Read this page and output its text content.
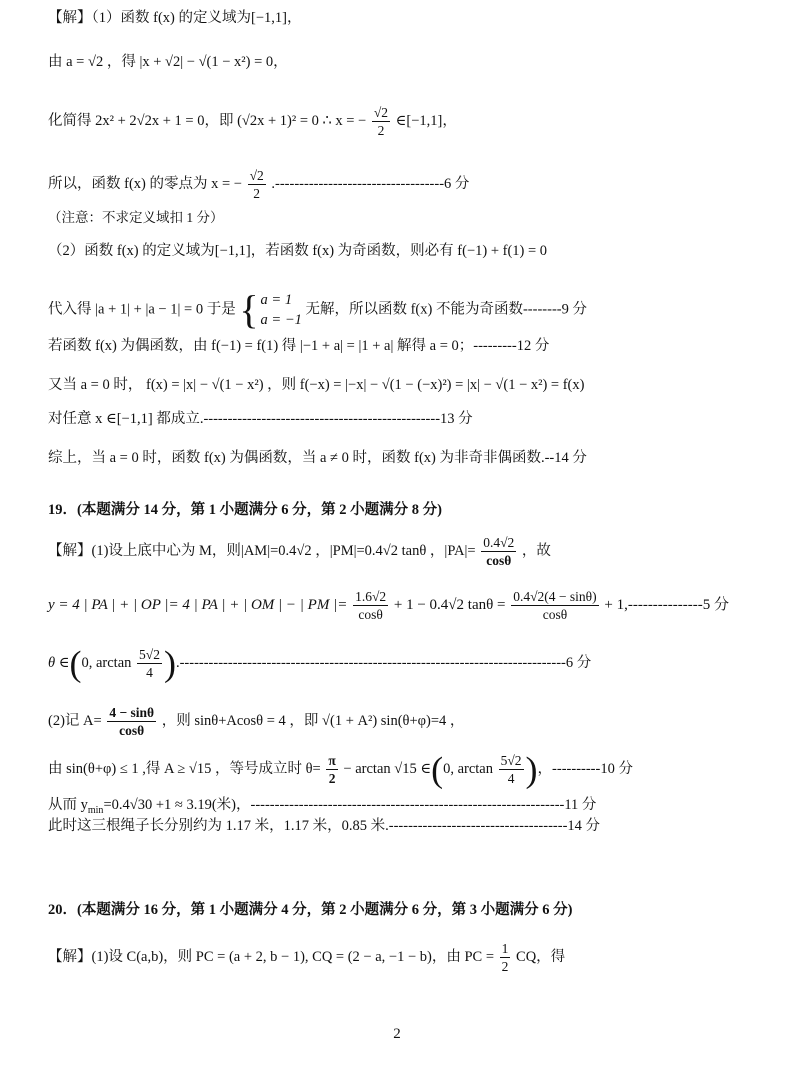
【解】（1）函数 f(x) 的定义域为[−1,1]，
由 a = √2 ，得 |x + √2| − √(1 − x²) = 0，
化简得 2x² + 2√2x + 1 = 0，即 (√2x + 1)² = 0 ∴ x = − $\frac{√2}{2}$ ∈[−1,1]，
所以，函数 f(x) 的零点为 x = − $\frac{√2}{2} .-----------------------------------6$ 分
（注意：不求定义域扣 1 分）
（2）函数 f(x) 的定义域为[−1,1]，若函数 f(x) 为奇函数，则必有 f(−1) + f(1) = 0
代入得 |a + 1| + |a − 1| = 0 于是 { a = 1
a = −1
无解，所以函数 f(x) 不能为奇函数--------9 分
若函数 f(x) 为偶函数，由 f(−1) = f(1) 得 |−1 + a| = |1 + a| 解得 a = 0；---------12 分
又当 a = 0 时， f(x) = |x| − √(1 − x²) ，则 f(−x) = |−x| − √(1 − (−x)²) = |x| − √(1 − x²) = f(x)
对任意 x ∈[−1,1] 都成立.-------------------------------------------------13 分
综上，当 a = 0 时，函数 f(x) 为偶函数，当 a ≠ 0 时，函数 f(x) 为非奇非偶函数.--14 分
19．(本题满分 14 分，第 1 小题满分 6 分，第 2 小题满分 8 分)
【解】(1)设上底中心为 M，则|AM|=0.4√2 ，|PM|=0.4√2 tanθ ，$|PA|= \frac{0.4√2}{\cos\theta}$ ，故
y = 4 | PA | + | OP |= 4 | PA | + | OM | − | PM |= $\frac{1.6√2}{\cos\theta} + 1 - 0.4√2$ $\tan\theta = \frac{0.4√2(4 - \sin\theta)}{\cos\theta} + 1,---------------5$ 分
θ ∈(0, $\arctan \frac{5√2}{4} ).--------------------------------------------------------------------------------6$ 分
(2)记 $A= \frac{4 - \sin\theta}{\cos\theta}$ ，则 sinθ+Acosθ = 4 ，即 √(1 + A²) sin(θ+φ)=4 ，
由 sin(θ+φ) ≤ 1 ,得 A ≥ √15 ，等号成立时 $\theta= \frac{\pi}{2} - \arctan √15$ ∈(0, $\arctan \frac{5√2}{4}$ )，----------10 分
从而 $y_{min}=0.4√30 +1 \approx 3.19$(米)，-----------------------------------------------------------------11 分
此时这三根绳子长分别约为 1.17 米，1.17 米，0.85 米.-------------------------------------14 分
20．(本题满分 16 分，第 1 小题满分 4 分，第 2 小题满分 6 分，第 3 小题满分 6 分)
【解】(1)设 C(a,b)，则 PC = (a + 2, b − 1), CQ = (2 − a, −1 − b)，由 PC = $\frac{1}{2}$ CQ，得
2
